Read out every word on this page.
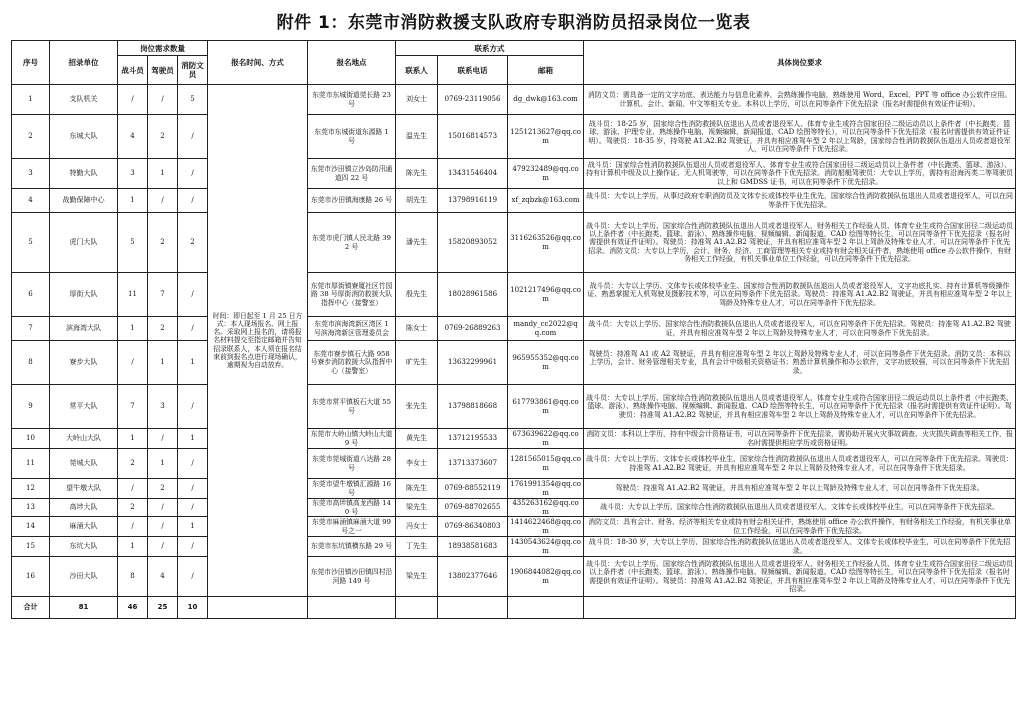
附件 1：东莞市消防救援支队政府专职消防员招录岗位一览表
序号	招录单位	岗位需求数量			报名时间、方式	报名地点	联系方式			具体岗位要求
		战斗员	驾驶员	消防文员			联系人	联系电话	邮箱	
1	支队机关	/	/	5	时间：即日起至 1 月 25 日方式：本人现场报名、网上报名。采取网上报名的，请将报名材料提交至指定邮箱并告知招录联系人，本人须在报名结束前到报名点进行现场确认，逾期视为自动放弃。	东莞市东城街道莞长路 23 号	刘女士	0769-23119056	dg_dwk@163.com	消防文员：需具备一定的文字功底、表达能力与信息化素养，会熟练操作电脑，熟练使用 Word、Excel、PPT 等 office 办公软件应用。计算机、会计、新闻、中文等相关专业。本科以上学历，可以在同等条件下优先招录（报名时需提供有效证件证明）。
2	东城大队	4	2	/		东莞市东城街道东源路 1 号	温先生	15016814573	1251213627@qq.com	战斗员：18-25 岁，国家综合性消防救援队伍退出人员或者退役军人、体育专业生或符合国家田径二级运动员以上条件者（中长跑类、篮球、游泳、护理专业、熟练操作电脑、视频编辑、新闻报道、CAD 绘图等特长），可以在同等条件下优先招录（报名时需提供有效证件证明）。驾驶员：18-35 岁，持驾驶 A1.A2.B2 驾驶证，并具有相应准驾车型 2 年以上驾龄，国家综合性消防救援队伍退出人员或者退役军人，可以在同等条件下优先招录。
3	特勤大队	3	1	/		东莞市沙田镇立沙岛防汛通道四 22 号	陈先生	13431546404	479232489@qq.com	战斗员：国家综合性消防救援队伍退出人员或者退役军人、体育专业生或符合国家田径二级运动员以上条件者（中长跑类、篮球、游泳）、持有计算机中级及以上操作证、无人机驾驶等，可以在同等条件下优先招录。消防船艇驾驶员：大专以上学历，需持有沿海丙类二等驾驶员以上和 GMDSS 证书，可以在同等条件下优先招录。
4	战勤保障中心	1	/	/		东莞市沙田镇海康路 26 号	胡先生	13798916119	xf_zqbzk@163.com	战斗员：大专以上学历，从事过政府专职消防员及文体专长或体校毕业生优先，国家综合性消防救援队伍退出人员或者退役军人，可以在同等条件下优先招录。
5	虎门大队	5	2	2		东莞市虎门镇人民北路 392 号	潘先生	15820893052	3116263526@qq.com	战斗员：大专以上学历、国家综合性消防救援队伍退出人员或者退役军人、财务相关工作经验人员、体育专业生或符合国家田径二级运动员以上条件者（中长跑类、篮球、游泳）、熟练操作电脑、视频编辑、新闻报道、CAD 绘图等特长生，可以在同等条件下优先招录（报名时需提供有效证件证明）。驾驶员：持准驾 A1.A2.B2 驾驶证，并具有相应准驾车型 2 年以上驾龄及特殊专业人才，可以在同等条件下优先招录。消防文员：大专以上学历，会计、财务、经济、工商管理等相关专业或持有财会相关证件者，熟练使用 office 办公软件操作，有财务相关工作经验，有机关事业单位工作经验，可以在同等条件下优先招录。
6	厚街大队	11	7	/		东莞市厚街镇寮厦社区竹园路 38 号厚街消防救援大队指挥中心（接警室）	殷先生	18028961586	1021217496@qq.com	战斗员：大专以上学历、文体专长或体校毕业生、国家综合性消防救援队伍退出人员或者退役军人，文字功底扎实、持有计算机等级操作证、熟悉掌握无人机驾驶及摄影技术等，可以在同等条件下优先招录。驾驶员：持准驾 A1.A2.B2 驾驶证，并具有相应准驾车型 2 年以上驾龄及特殊专业人才，可以在同等条件下优先招录。
7	滨海湾大队	1	2	/		东莞市滨海湾新区湾区 1 号滨海湾新区管理委员会	陈女士	0769-26889263	mandy_cc2022@qq.com	战斗员：大专以上学历、国家综合性消防救援队伍退出人员或者退役军人，可以在同等条件下优先招录。驾驶员：持准驾 A1.A2.B2 驾驶证，并具有相应准驾车型 2 年以上驾龄及特殊专业人才，可以在同等条件下优先招录。
8	寮步大队	/	1	1		东莞市寮步镇石大路 958 号寮步消防救援大队指挥中心（接警室）	旷先生	13632299961	965955352@qq.com	驾驶员：持准驾 A1 或 A2 驾驶证，并具有相应准驾车型 2 年以上驾龄及特殊专业人才，可以在同等条件下优先招录。消防文员：本科以上学历，会计、财务管理相关专业，具有会计中级相关资格证书；熟悉计算机操作和办公软件，文字功底较强，可以在同等条件下优先招录。
9	常平大队	7	3	/		东莞市常平镇板石大道 55 号	张先生	13798818668	617793861@qq.com	战斗员：大专以上学历、国家综合性消防救援队伍退出人员或者退役军人、体育专业生或符合国家田径二级运动员以上条件者（中长跑类、篮球、游泳）、熟练操作电脑、视频编辑、新闻报道、CAD 绘图等特长生，可以在同等条件下优先招录（报名时需提供有效证件证明）。驾驶员：持准驾 A1.A2.B2 驾驶证，并具有相应准驾车型 2 年以上驾龄及特殊专业人才，可以在同等条件下优先招录。
10	大岭山大队	1	/	1		东莞市大岭山镇大岭山大道 9 号	黄先生	13712195533	673639622@qq.com	消防文员：本科以上学历，持有中级会计资格证书，可以在同等条件下优先招录，需协助开展火灾事故调查、火灾损失调查等相关工作，报名时需提供相应学历或资格证明。
11	莞城大队	2	1	/		东莞市莞城街道八达路 28 号	李女士	13713373607	1281565015@qq.com	战斗员：大专以上学历、文体专长或体校毕业生、国家综合性消防救援队伍退出人员或者退役军人，可以在同等条件下优先招录。驾驶员：持准驾 A1.A2.B2 驾驶证，并具有相应准驾车型 2 年以上驾龄及特殊专业人才，可以在同等条件下优先招录。
12	望牛墩大队	/	2	/		东莞市望牛墩镇汇源路 16 号	陈先生	0769-88552119	1761991354@qq.com	驾驶员：持准驾 A1.A2.B2 驾驶证，并具有相应准驾车型 2 年以上驾龄及特殊专业人才，可以在同等条件下优先招录。
13	高埗大队	2	/	/		东莞市高埗镇高龙西路 140 号	梁先生	0769-88702655	435263162@qq.com	战斗员：大专以上学历、国家综合性消防救援队伍退出人员或者退役军人、文体专长或体校毕业生，可以在同等条件下优先招录。
14	麻涌大队	/	/	1		东莞市麻涌镇麻涌大道 99 号之一	冯女士	0769-86340803	1414622468@qq.com	消防文员：具有会计、财务、经济等相关专业或持有财会相关证件，熟练使用 office 办公软件操作，有财务相关工作经验，有机关事业单位工作经验，可以在同等条件下优先招录。
15	东坑大队	1	/	/		东莞市东坑镇横东路 29 号	丁先生	18938581683	1430543624@qq.com	战斗员：18-30 岁，大专以上学历，国家综合性消防救援队伍退出人员或者退役军人、文体专长或体校毕业生，可以在同等条件下优先招录。
16	沙田大队	8	4	/		东莞市沙田镇沙田镇四村沿河路 149 号	梁先生	13802377646	1906844082@qq.com	战斗员：大专以上学历、国家综合性消防救援队伍退出人员或者退役军人、财务相关工作经验人员、体育专业生或符合国家田径二级运动员以上条件者（中长跑类、篮球、游泳）、熟练操作电脑、视频编辑、新闻报道、CAD 绘图等特长生，可以在同等条件下优先招录（报名时需提供有效证件证明）。驾驶员：持准驾 A1.A2.B2 驾驶证，并具有相应准驾车型 2 年以上驾龄及特殊专业人才，可以在同等条件下优先招录。
合计	81	46	25	10						
